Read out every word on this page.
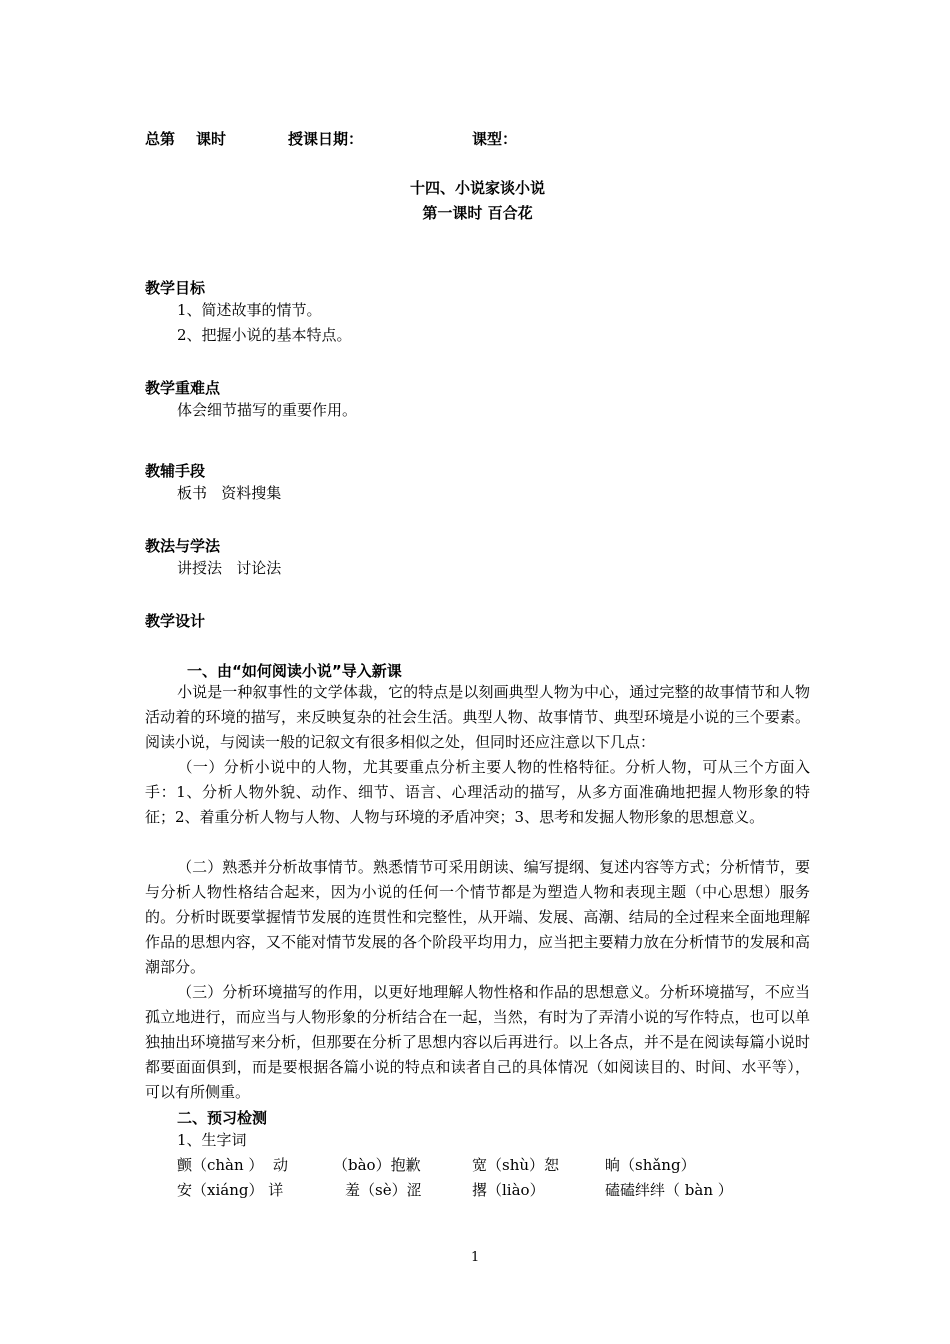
总第 课时	授课日期：	课型：
十四、小说家谈小说
第一课时 百合花
教学目标
1、简述故事的情节。
2、把握小说的基本特点。
教学重难点
体会细节描写的重要作用。
教辅手段
板书   资料搜集
教法与学法
讲授法   讨论法
教学设计
一、由“如何阅读小说”导入新课
小说是一种叙事性的文学体裁，它的特点是以刻画典型人物为中心，通过完整的故事情节和人物活动着的环境的描写，来反映复杂的社会生活。典型人物、故事情节、典型环境是小说的三个要素。阅读小说，与阅读一般的记叙文有很多相似之处，但同时还应注意以下几点：
（一）分析小说中的人物，尤其要重点分析主要人物的性格特征。分析人物，可从三个方面入手：1、分析人物外貌、动作、细节、语言、心理活动的描写，从多方面准确地把握人物形象的特征；2、着重分析人物与人物、人物与环境的矛盾冲突；3、思考和发掘人物形象的思想意义。
（二）熟悉并分析故事情节。熟悉情节可采用朗读、编写提纲、复述内容等方式；分析情节，要与分析人物性格结合起来，因为小说的任何一个情节都是为塑造人物和表现主题（中心思想）服务的。分析时既要掌握情节发展的连贯性和完整性，从开端、发展、高潮、结局的全过程来全面地理解作品的思想内容，又不能对情节发展的各个阶段平均用力，应当把主要精力放在分析情节的发展和高潮部分。
（三）分析环境描写的作用，以更好地理解人物性格和作品的思想意义。分析环境描写，不应当孤立地进行，而应当与人物形象的分析结合在一起，当然，有时为了弄清小说的写作特点，也可以单独抽出环境描写来分析，但那要在分析了思想内容以后再进行。以上各点，并不是在阅读每篇小说时都要面面俱到，而是要根据各篇小说的特点和读者自己的具体情况（如阅读目的、时间、水平等），可以有所侧重。
二、预习检测
1、生字词
颤（chàn ）  动	（bào）抱歉	宽（shù）恕	晌（shǎng）
安（xiáng） 详	羞（sè）涩	撂（liào）	磕磕绊绊（ bàn ）
1
